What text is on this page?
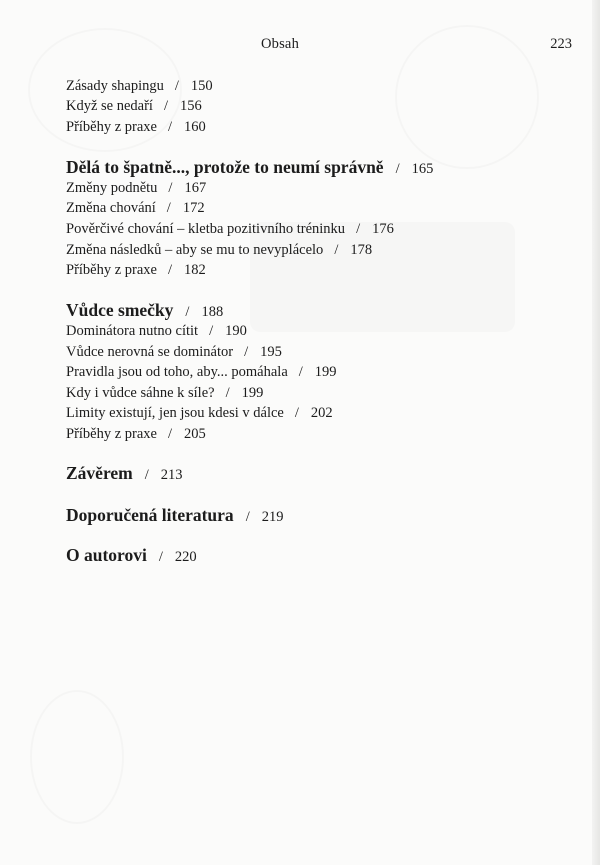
Obsah	223
Zásady shapingu / 150
Když se nedaří / 156
Příběhy z praxe / 160
Dělá to špatně..., protože to neumí správně / 165
Změny podnětu / 167
Změna chování / 172
Pověrčivé chování – kletba pozitivního tréninku / 176
Změna následků – aby se mu to nevyplácelo / 178
Příběhy z praxe / 182
Vůdce smečky / 188
Dominátora nutno cítit / 190
Vůdce nerovná se dominátor / 195
Pravidla jsou od toho, aby... pomáhala / 199
Kdy i vůdce sáhne k síle? / 199
Limity existují, jen jsou kdesi v dálce / 202
Příběhy z praxe / 205
Závěrem / 213
Doporučená literatura / 219
O autorovi / 220
